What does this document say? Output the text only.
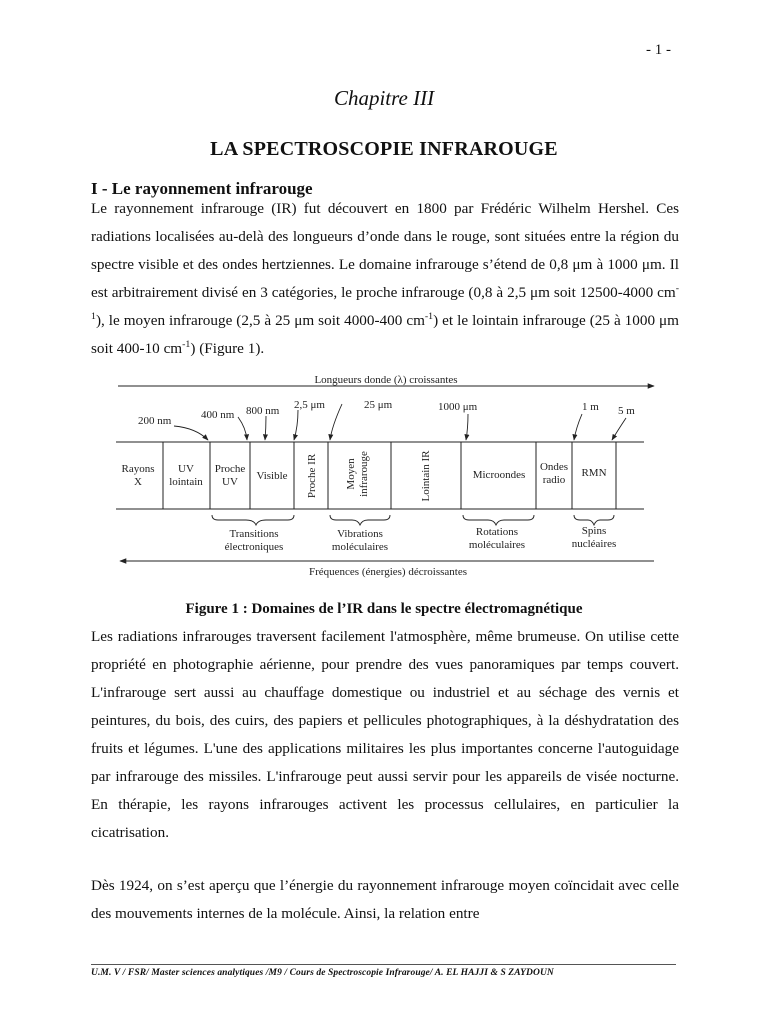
- 1 -
Chapitre III
LA SPECTROSCOPIE INFRAROUGE
I - Le rayonnement infrarouge
Le rayonnement infrarouge (IR) fut découvert en 1800 par Frédéric Wilhelm Hershel. Ces radiations localisées au-delà des longueurs d’onde dans le rouge, sont situées entre la région du spectre visible et des ondes hertziennes. Le domaine infrarouge s’étend de 0,8 μm à 1000 μm. Il est arbitrairement divisé en 3 catégories, le proche infrarouge (0,8 à 2,5 μm soit 12500-4000 $cm^{-1}$), le moyen infrarouge (2,5 à 25 μm soit 4000-400 $cm^{-1}$) et le lointain infrarouge (25 à 1000 μm soit 400-10 $cm^{-1}$) (Figure 1).
Longueurs donde (λ) croissantes
200 nm	400 nm 800 nm 2,5 μm	25 μm	1000 μm	1 m 5 m
Rayons
X
UV
lointain
Proche
UV Visible Proche IR Moyen infrarouge	Lointain IR	Microondes
Ondes
radio
RMN
Transitions
électroniques
Vibrations
moléculaires
Rotations
moléculaires
Spins
nucléaires
Fréquences (énergies) décroissantes
Figure 1 : Domaines de l’IR dans le spectre électromagnétique
Les radiations infrarouges traversent facilement l'atmosphère, même brumeuse. On utilise cette propriété en photographie aérienne, pour prendre des vues panoramiques par temps couvert. L'infrarouge sert aussi au chauffage domestique ou industriel et au séchage des vernis et peintures, du bois, des cuirs, des papiers et pellicules photographiques, à la déshydratation des fruits et légumes. L'une des applications militaires les plus importantes concerne l'autoguidage par infrarouge des missiles. L'infrarouge peut aussi servir pour les appareils de visée nocturne. En thérapie, les rayons infrarouges activent les processus cellulaires, en particulier la cicatrisation.
Dès 1924, on s’est aperçu que l’énergie du rayonnement infrarouge moyen coïncidait avec celle des mouvements internes de la molécule. Ainsi, la relation entre
U.M. V / FSR/ Master sciences analytiques /M9 / Cours de Spectroscopie Infrarouge/ A. EL HAJJI & S ZAYDOUN
